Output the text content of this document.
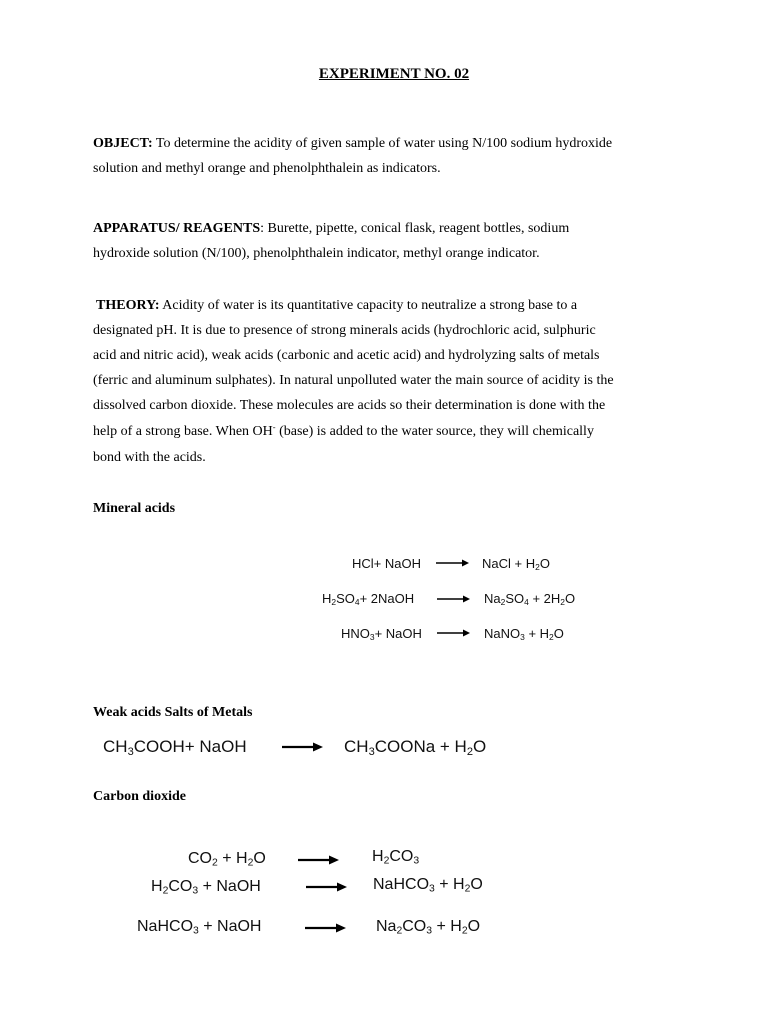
EXPERIMENT NO. 02

OBJECT: To determine the acidity of given sample of water using N/100 sodium hydroxide
solution and methyl orange and phenolphthalein as indicators.

APPARATUS/ REAGENTS: Burette, pipette, conical flask, reagent bottles, sodium
hydroxide solution (N/100), phenolphthalein indicator, methyl orange indicator.

THEORY: Acidity of water is its quantitative capacity to neutralize a strong base to a

designated pH. It is due to presence of strong minerals acids (hydrochloric acid, sulphuric
acid and nitric acid), weak acids (carbonic and acetic acid) and hydrolyzing salts of metals
(ferric and aluminum sulphates). In natural unpolluted water the main source of acidity is the
dissolved carbon dioxide. These molecules are acids so their determination is done with the
help of a strong base. When OH- (base) is added to the water source, they will chemically
bond with the acids.

Mineral acids

HCl+ NaOH	NaCl + $H_2O$
$H_2SO_4+$ 2NaOH	$Na_2SO_4 + 2H_2O$
$HNO_3+$ NaOH	NaNO$_3$ + $H_2O$

Weak acids Salts of Metals

$CH_3COOH+$ NaOH	$CH_3COONa + H_2O$

Carbon dioxide

$CO_2 + H_2O$	$H_2CO_3$
$H_2CO_3$ + NaOH	NaHCO$_3$ + $H_2O$
NaHCO$_3$ + NaOH	$Na_2CO_3 + H_2O$
